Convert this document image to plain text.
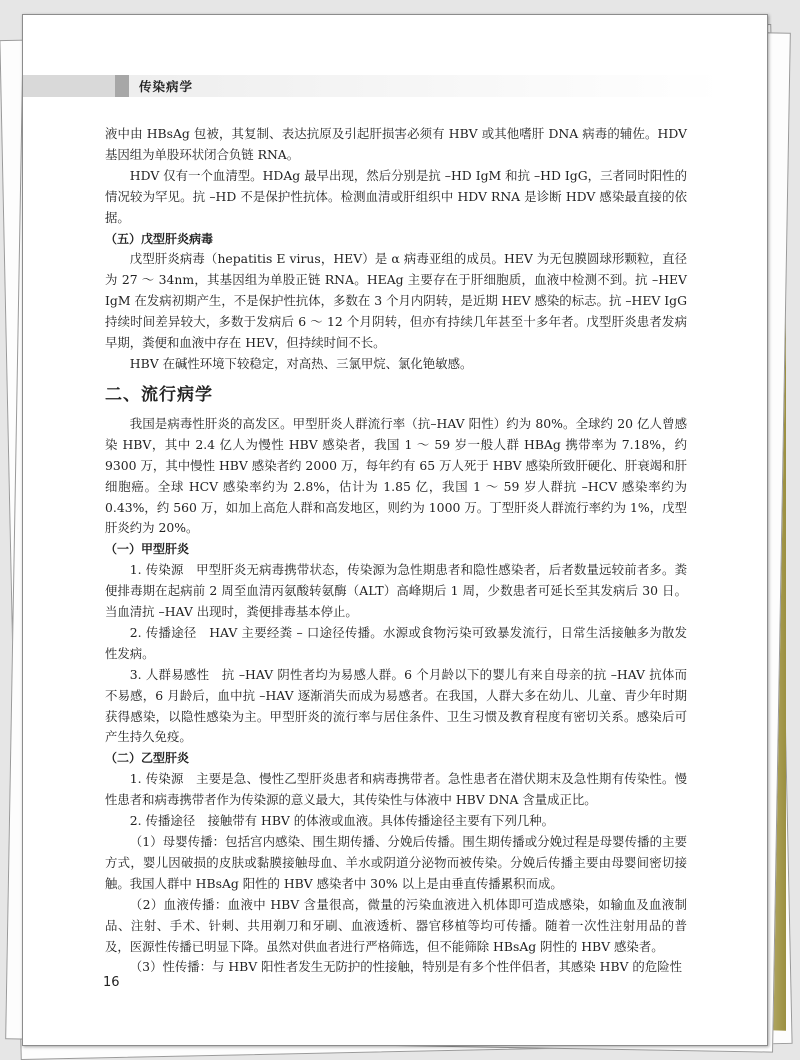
传染病学

液中由 HBsAg 包被，其复制、表达抗原及引起肝损害必须有 HBV 或其他嗜肝 DNA 病毒的辅佐。HDV 基因组为单股环状闭合负链 RNA。

HDV 仅有一个血清型。HDAg 最早出现，然后分别是抗 –HD IgM 和抗 –HD IgG，三者同时阳性的情况较为罕见。抗 –HD 不是保护性抗体。检测血清或肝组织中 HDV RNA 是诊断 HDV 感染最直接的依据。

（五）戊型肝炎病毒

戊型肝炎病毒（hepatitis E virus，HEV）是 α 病毒亚组的成员。HEV 为无包膜圆球形颗粒，直径为 27 ～ 34nm，其基因组为单股正链 RNA。HEAg 主要存在于肝细胞质，血液中检测不到。抗 –HEV IgM 在发病初期产生，不是保护性抗体，多数在 3 个月内阴转，是近期 HEV 感染的标志。抗 –HEV IgG 持续时间差异较大，多数于发病后 6 ～ 12 个月阴转，但亦有持续几年甚至十多年者。戊型肝炎患者发病早期，粪便和血液中存在 HEV，但持续时间不长。

HBV 在碱性环境下较稳定，对高热、三氯甲烷、氯化铯敏感。

二、流行病学

我国是病毒性肝炎的高发区。甲型肝炎人群流行率（抗–HAV 阳性）约为 80%。全球约 20 亿人曾感染 HBV，其中 2.4 亿人为慢性 HBV 感染者，我国 1 ～ 59 岁一般人群 HBAg 携带率为 7.18%，约 9300 万，其中慢性 HBV 感染者约 2000 万，每年约有 65 万人死于 HBV 感染所致肝硬化、肝衰竭和肝细胞癌。全球 HCV 感染率约为 2.8%，估计为 1.85 亿，我国 1 ～ 59 岁人群抗 –HCV 感染率约为 0.43%，约 560 万，如加上高危人群和高发地区，则约为 1000 万。丁型肝炎人群流行率约为 1%，戊型肝炎约为 20%。

（一）甲型肝炎

1. 传染源　甲型肝炎无病毒携带状态，传染源为急性期患者和隐性感染者，后者数量远较前者多。粪便排毒期在起病前 2 周至血清丙氨酸转氨酶（ALT）高峰期后 1 周，少数患者可延长至其发病后 30 日。当血清抗 –HAV 出现时，粪便排毒基本停止。

2. 传播途径　HAV 主要经粪 – 口途径传播。水源或食物污染可致暴发流行，日常生活接触多为散发性发病。

3. 人群易感性　抗 –HAV 阴性者均为易感人群。6 个月龄以下的婴儿有来自母亲的抗 –HAV 抗体而不易感，6 月龄后，血中抗 –HAV 逐渐消失而成为易感者。在我国，人群大多在幼儿、儿童、青少年时期获得感染，以隐性感染为主。甲型肝炎的流行率与居住条件、卫生习惯及教育程度有密切关系。感染后可产生持久免疫。

（二）乙型肝炎

1. 传染源　主要是急、慢性乙型肝炎患者和病毒携带者。急性患者在潜伏期末及急性期有传染性。慢性患者和病毒携带者作为传染源的意义最大，其传染性与体液中 HBV DNA 含量成正比。

2. 传播途径　接触带有 HBV 的体液或血液。具体传播途径主要有下列几种。

（1）母婴传播：包括宫内感染、围生期传播、分娩后传播。围生期传播或分娩过程是母婴传播的主要方式，婴儿因破损的皮肤或黏膜接触母血、羊水或阴道分泌物而被传染。分娩后传播主要由母婴间密切接触。我国人群中 HBsAg 阳性的 HBV 感染者中 30% 以上是由垂直传播累积而成。

（2）血液传播：血液中 HBV 含量很高，微量的污染血液进入机体即可造成感染，如输血及血液制品、注射、手术、针刺、共用剃刀和牙刷、血液透析、器官移植等均可传播。随着一次性注射用品的普及，医源性传播已明显下降。虽然对供血者进行严格筛选，但不能筛除 HBsAg 阴性的 HBV 感染者。

（3）性传播：与 HBV 阳性者发生无防护的性接触，特别是有多个性伴侣者，其感染 HBV 的危险性

16
